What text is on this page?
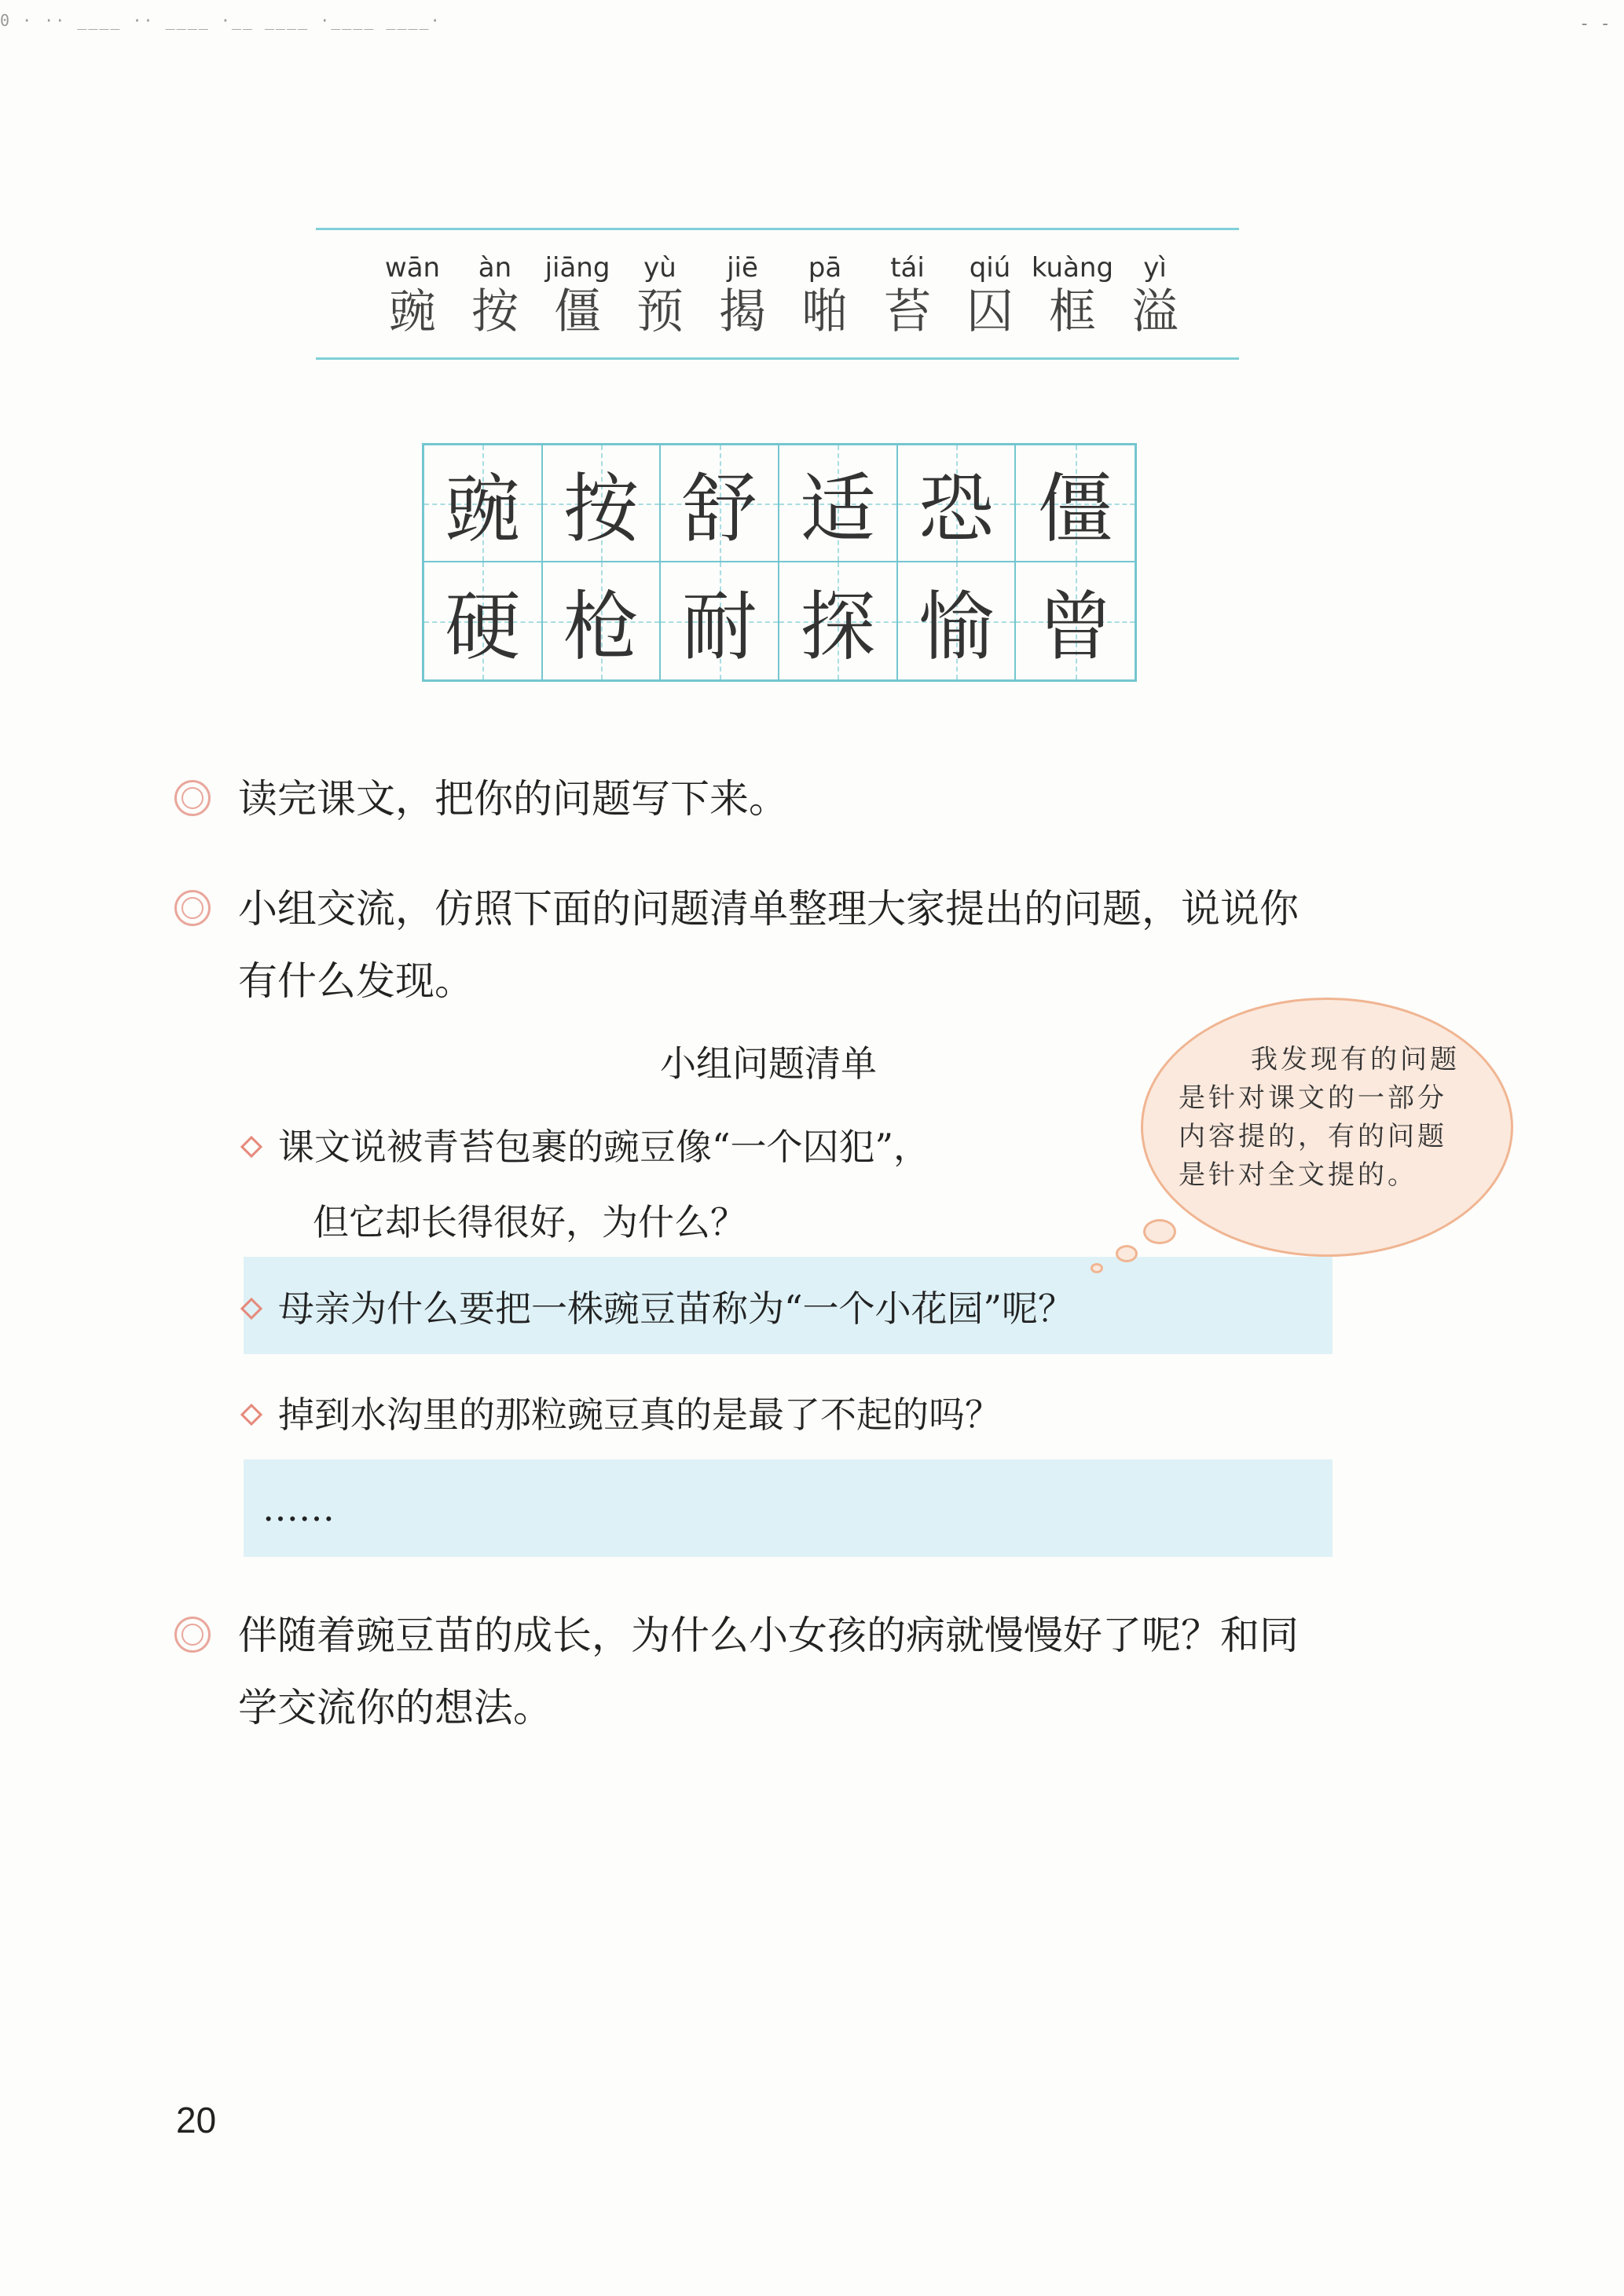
0 · ·· ____ ·· ____ ·__ ____ ·____ ____·	- -
wān
豌
àn
按
jiāng
僵
yù
预
jiē
揭
pā
啪
tái
苔
qiú
囚
kuàng
框
yì
溢
豌 按 舒 适 恐 僵
硬 枪 耐 探 愉 曾
读完课文，把你的问题写下来。
小组交流，仿照下面的问题清单整理大家提出的问题，说说你
有什么发现。
小组问题清单
课文说被青苔包裹的豌豆像“一个囚犯”，
但它却长得很好，为什么？
母亲为什么要把一株豌豆苗称为“一个小花园”呢？
掉到水沟里的那粒豌豆真的是最了不起的吗？
……
我发现有的问题
是针对课文的一部分
内容提的，有的问题
是针对全文提的。
伴随着豌豆苗的成长，为什么小女孩的病就慢慢好了呢？和同
学交流你的想法。
20
